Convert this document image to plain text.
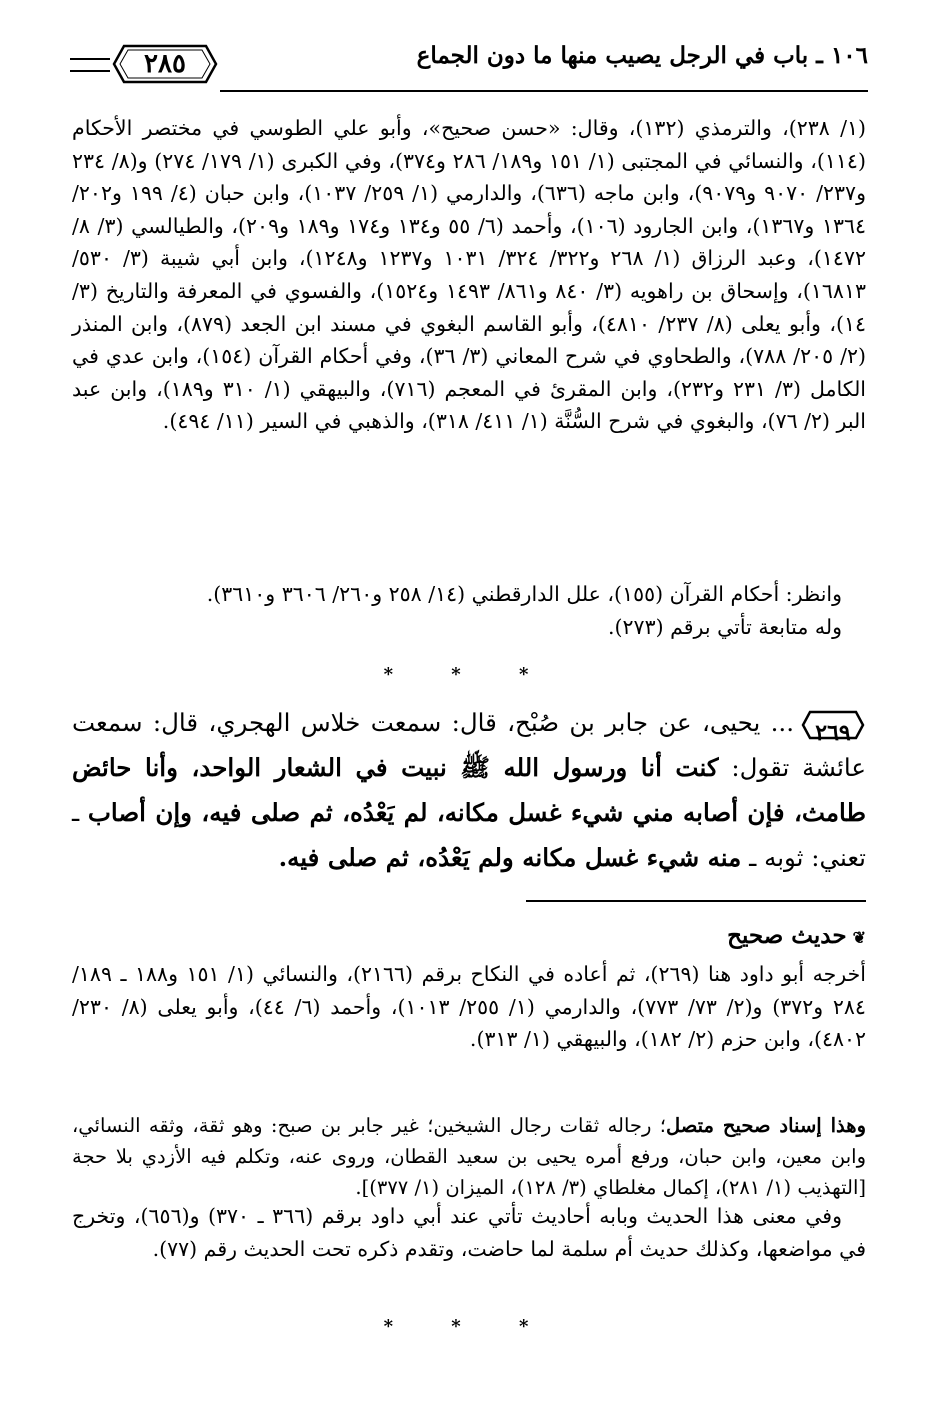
١٠٦ ـ باب في الرجل يصيب منها ما دون الجماع
٢٨٥
(١/ ٢٣٨)، والترمذي (١٣٢)، وقال: «حسن صحيح»، وأبو علي الطوسي في مختصر الأحكام (١١٤)، والنسائي في المجتبى (١/ ١٥١ و١٨٩/ ٢٨٦ و٣٧٤)، وفي الكبرى (١/ ١٧٩/ ٢٧٤) و(٨/ ٢٣٤ و٢٣٧/ ٩٠٧٠ و٩٠٧٩)، وابن ماجه (٦٣٦)، والدارمي (١/ ٢٥٩/ ١٠٣٧)، وابن حبان (٤/ ١٩٩ و٢٠٢/ ١٣٦٤ و١٣٦٧)، وابن الجارود (١٠٦)، وأحمد (٦/ ٥٥ و١٣٤ و١٧٤ و١٨٩ و٢٠٩)، والطيالسي (٣/ ٨/ ١٤٧٢)، وعبد الرزاق (١/ ٢٦٨ و٣٢٢/ ٣٢٤/ ١٠٣١ و١٢٣٧ و١٢٤٨)، وابن أبي شيبة (٣/ ٥٣٠/ ١٦٨١٣)، وإسحاق بن راهويه (٣/ ٨٤٠ و٨٦١/ ١٤٩٣ و١٥٢٤)، والفسوي في المعرفة والتاريخ (٣/ ١٤)، وأبو يعلى (٨/ ٢٣٧/ ٤٨١٠)، وأبو القاسم البغوي في مسند ابن الجعد (٨٧٩)، وابن المنذر (٢/ ٢٠٥/ ٧٨٨)، والطحاوي في شرح المعاني (٣/ ٣٦)، وفي أحكام القرآن (١٥٤)، وابن عدي في الكامل (٣/ ٢٣١ و٢٣٢)، وابن المقرئ في المعجم (٧١٦)، والبيهقي (١/ ٣١٠ و١٨٩)، وابن عبد البر (٢/ ٧٦)، والبغوي في شرح السُّنَّة (١/ ٤١١/ ٣١٨)، والذهبي في السير (١١/ ٤٩٤).
وانظر: أحكام القرآن (١٥٥)، علل الدارقطني (١٤/ ٢٥٨ و٢٦٠/ ٣٦٠٦ و٣٦١٠).
وله متابعة تأتي برقم (٢٧٣).
* * *
٢٦٩
... يحيى، عن جابر بن صُبْح، قال: سمعت خلاس الهجري، قال: سمعت عائشة تقول: كنت أنا ورسول الله ﷺ نبيت في الشعار الواحد، وأنا حائض طامث، فإن أصابه مني شيء غسل مكانه، لم يَعْدُه، ثم صلى فيه، وإن أصاب ـ تعني: ثوبه ـ منه شيء غسل مكانه ولم يَعْدُه، ثم صلى فيه.
❦حديث صحيح
أخرجه أبو داود هنا (٢٦٩)، ثم أعاده في النكاح برقم (٢١٦٦)، والنسائي (١/ ١٥١ و١٨٨ ـ ١٨٩/ ٢٨٤ و٣٧٢) و(٢/ ٧٣/ ٧٧٣)، والدارمي (١/ ٢٥٥/ ١٠١٣)، وأحمد (٦/ ٤٤)، وأبو يعلى (٨/ ٢٣٠/ ٤٨٠٢)، وابن حزم (٢/ ١٨٢)، والبيهقي (١/ ٣١٣).
وهذا إسناد صحيح متصل؛ رجاله ثقات رجال الشيخين؛ غير جابر بن صبح: وهو ثقة، وثقه النسائي، وابن معين، وابن حبان، ورفع أمره يحيى بن سعيد القطان، وروى عنه، وتكلم فيه الأزدي بلا حجة [التهذيب (١/ ٢٨١)، إكمال مغلطاي (٣/ ١٢٨)، الميزان (١/ ٣٧٧)].
وفي معنى هذا الحديث وبابه أحاديث تأتي عند أبي داود برقم (٣٦٦ ـ ٣٧٠) و(٦٥٦)، وتخرج في مواضعها، وكذلك حديث أم سلمة لما حاضت، وتقدم ذكره تحت الحديث رقم (٧٧).
* * *
